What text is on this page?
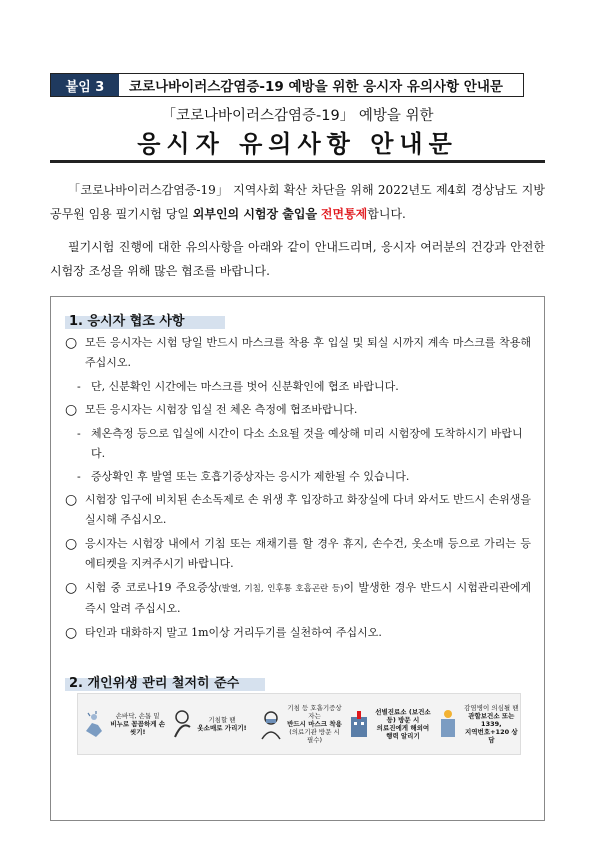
붙임 3	코로나바이러스감염증-19 예방을 위한 응시자 유의사항 안내문
「코로나바이러스감염증-19」 예방을 위한
응시자 유의사항 안내문
「코로나바이러스감염증-19」 지역사회 확산 차단을 위해 2022년도 제4회 경상남도 지방공무원 임용 필기시험 당일 외부인의 시험장 출입을 전면통제합니다.
필기시험 진행에 대한 유의사항을 아래와 같이 안내드리며, 응시자 여러분의 건강과 안전한 시험장 조성을 위해 많은 협조를 바랍니다.
1. 응시자 협조 사항
○ 모든 응시자는 시험 당일 반드시 마스크를 착용 후 입실 및 퇴실 시까지 계속 마스크를 착용해 주십시오.
- 단, 신분확인 시간에는 마스크를 벗어 신분확인에 협조 바랍니다.
○ 모든 응시자는 시험장 입실 전 체온 측정에 협조바랍니다.
- 체온측정 등으로 입실에 시간이 다소 소요될 것을 예상해 미리 시험장에 도착하시기 바랍니다.
- 증상확인 후 발열 또는 호흡기증상자는 응시가 제한될 수 있습니다.
○ 시험장 입구에 비치된 손소독제로 손 위생 후 입장하고 화장실에 다녀 와서도 반드시 손위생을 실시해 주십시오.
○ 응시자는 시험장 내에서 기침 또는 재채기를 할 경우 휴지, 손수건, 옷소매 등으로 가리는 등 에티켓을 지켜주시기 바랍니다.
○ 시험 중 코로나19 주요증상(발열, 기침, 인후통 호흡곤란 등)이 발생한 경우 반드시 시험관리관에게 즉시 알려 주십시오.
○ 타인과 대화하지 말고 1m이상 거리두기를 실천하여 주십시오.
2. 개인위생 관리 철저히 준수
손바닥, 손톱 밑
비누로 꼼꼼하게 손씻기!
기침할 땐
옷소매로 가리기!
기침 등 호흡기증상자는
반드시 마스크 착용
(의료기관 방문 시 필수)
선별진료소 (보건소 등) 방문 시
의료진에게 해외여행력 알리기
감염병이 의심될 땐
관할보건소 또는 1339,
지역번호+120 상담
